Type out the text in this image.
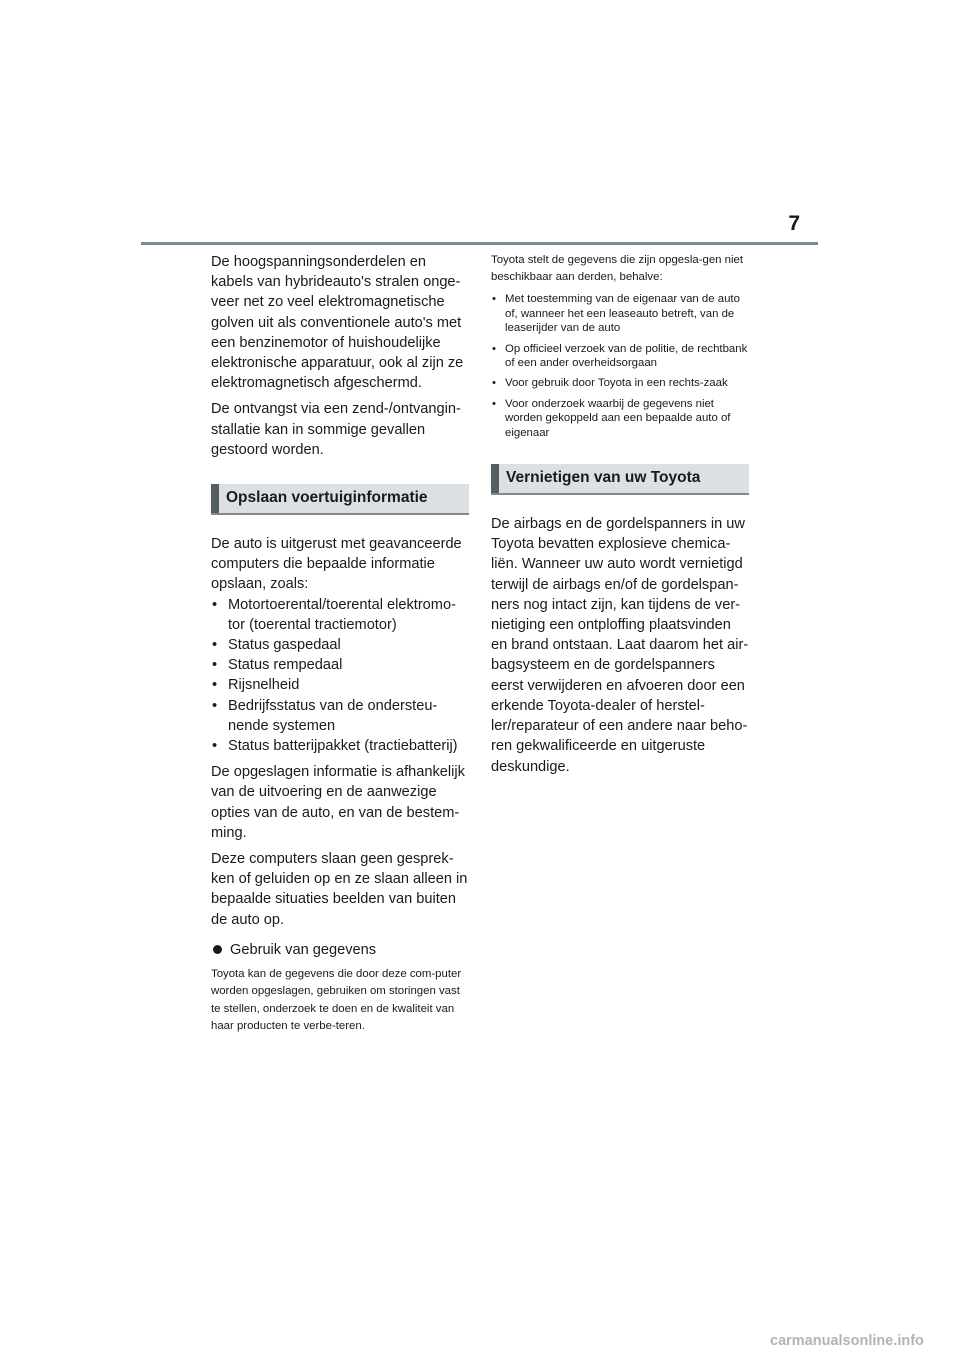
7

De hoogspanningsonderdelen en kabels van hybrideauto's stralen onge-veer net zo veel elektromagnetische golven uit als conventionele auto's met een benzinemotor of huishoudelijke elektronische apparatuur, ook al zijn ze elektromagnetisch afgeschermd.

De ontvangst via een zend-/ontvangin-stallatie kan in sommige gevallen gestoord worden.

Opslaan voertuiginformatie

De auto is uitgerust met geavanceerde computers die bepaalde informatie opslaan, zoals:

• Motortoerental/toerental elektromo-tor (toerental tractiemotor)
• Status gaspedaal
• Status rempedaal
• Rijsnelheid
• Bedrijfsstatus van de ondersteu-nende systemen
• Status batterijpakket (tractiebatterij)

De opgeslagen informatie is afhankelijk van de uitvoering en de aanwezige opties van de auto, en van de bestem-ming.

Deze computers slaan geen gesprek-ken of geluiden op en ze slaan alleen in bepaalde situaties beelden van buiten de auto op.

Gebruik van gegevens

Toyota kan de gegevens die door deze com-puter worden opgeslagen, gebruiken om storingen vast te stellen, onderzoek te doen en de kwaliteit van haar producten te verbe-teren.

Toyota stelt de gegevens die zijn opgesla-gen niet beschikbaar aan derden, behalve:

• Met toestemming van de eigenaar van de auto of, wanneer het een leaseauto betreft, van de leaserijder van de auto
• Op officieel verzoek van de politie, de rechtbank of een ander overheidsorgaan
• Voor gebruik door Toyota in een rechts-zaak
• Voor onderzoek waarbij de gegevens niet worden gekoppeld aan een bepaalde auto of eigenaar
Vernietigen van uw Toyota

De airbags en de gordelspanners in uw Toyota bevatten explosieve chemica-liën. Wanneer uw auto wordt vernietigd terwijl de airbags en/of de gordelspan-ners nog intact zijn, kan tijdens de ver-nietiging een ontploffing plaatsvinden en brand ontstaan. Laat daarom het air-bagsysteem en de gordelspanners eerst verwijderen en afvoeren door een erkende Toyota-dealer of herstel-ler/reparateur of een andere naar beho-ren gekwalificeerde en uitgeruste deskundige.

carmanualsonline.info
